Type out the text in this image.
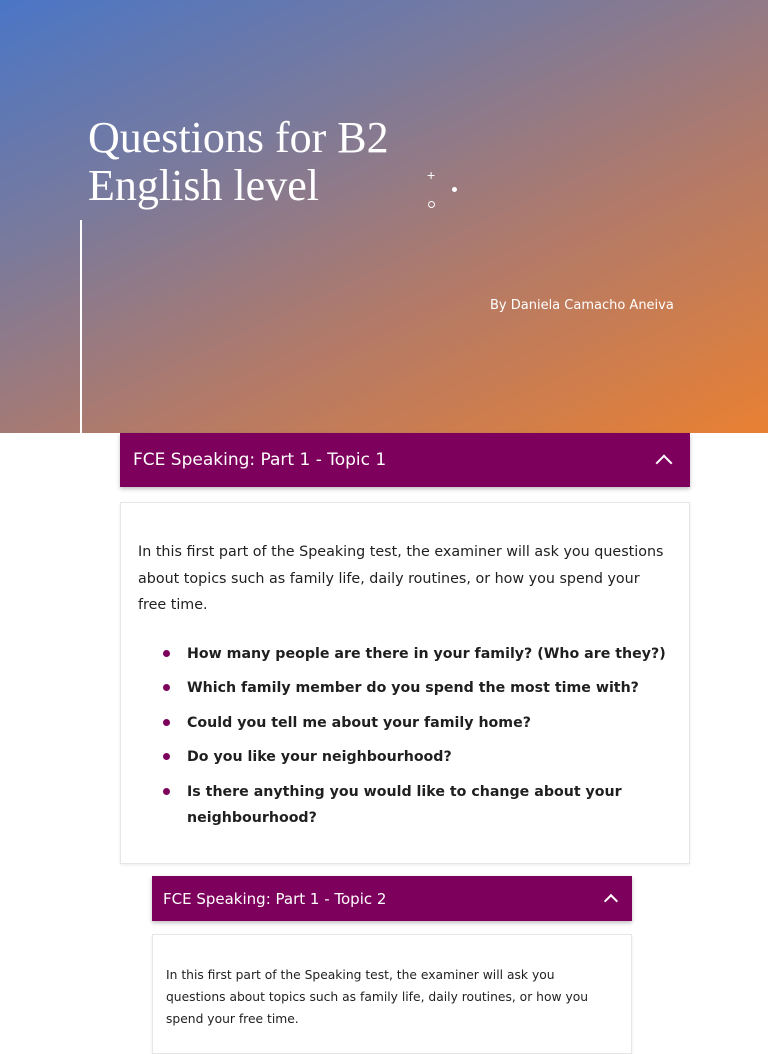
Questions for B2
English level	+
By Daniela Camacho Aneiva
FCE Speaking: Part 1 - Topic 1

In this first part of the Speaking test, the examiner will ask you questions about topics such as family life, daily routines, or how you spend your free time.

How many people are there in your family? (Who are they?)
Which family member do you spend the most time with?
Could you tell me about your family home?
Do you like your neighbourhood?
Is there anything you would like to change about your neighbourhood?
FCE Speaking: Part 1 - Topic 2

In this first part of the Speaking test, the examiner will ask you questions about topics such as family life, daily routines, or how you spend your free time.
